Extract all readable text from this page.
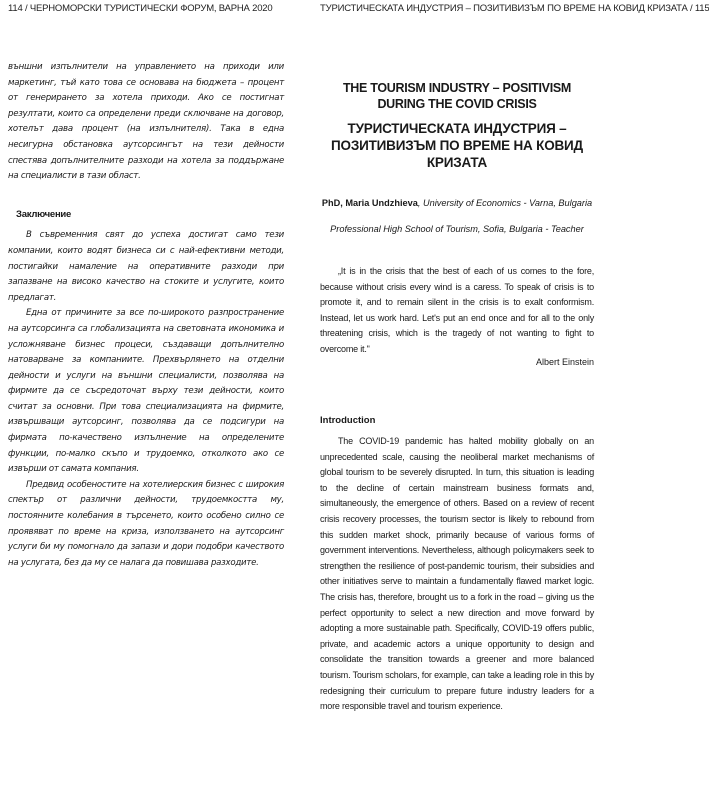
114 / ЧЕРНОМОРСКИ ТУРИСТИЧЕСКИ ФОРУМ, ВАРНА 2020

външни изпълнители на управлението на приходи или маркетинг, тъй като това се основава на бюджета – процент от генерирането за хотела приходи. Ако се постигнат резултати, които са определени преди сключване на договор, хотелът дава процент (на изпълнителя). Така в една несигурна обстановка аутсорсингът на тези дейности спестява допълнителните разходи на хотела за поддържане на специалисти в тази област.

Заключение

В съвременния свят до успеха достигат само тези компании, които водят бизнеса си с най-ефективни методи, постигайки намаление на оперативните разходи при запазване на високо качество на стоките и услугите, които предлагат.

Една от причините за все по-широкото разпространение на аутсорсинга са глобализацията на световната икономика и усложняване бизнес процеси, създаващи допълнително натоварване за компаниите. Прехвърлянето на отделни дейности и услуги на външни специалисти, позволява на фирмите да се съсредоточат върху тези дейности, които считат за основни. При това специализацията на фирмите, извършващи аутсорсинг, позволява да се подсигури на фирмата по-качествено изпълнение на определените функции, по-малко скъпо и трудоемко, отколкото ако се извърши от самата компания.

Предвид особеностите на хотелиерския бизнес с широкия спектър от различни дейности, трудоемкостта му, постоянните колебания в търсенето, които особено силно се проявяват по време на криза, използването на аутсорсинг услуги би му помогнало да запази и дори подобри качеството на услугата, без да му се налага да повишава разходите.

ТУРИСТИЧЕСКАТА ИНДУСТРИЯ – ПОЗИТИВИЗЪМ ПО ВРЕМЕ НА КОВИД КРИЗАТА / 115
THE TOURISM INDUSTRY – POSITIVISM DURING THE COVID CRISIS
ТУРИСТИЧЕСКАТА ИНДУСТРИЯ – ПОЗИТИВИЗЪМ ПО ВРЕМЕ НА КОВИД КРИЗАТА
PhD, Maria Undzhieva, University of Economics - Varna, Bulgaria
Professional High School of Tourism, Sofia, Bulgaria - Teacher

„It is in the crisis that the best of each of us comes to the fore, because without crisis every wind is a caress. To speak of crisis is to promote it, and to remain silent in the crisis is to exalt conformism. Instead, let us work hard. Let's put an end once and for all to the only threatening crisis, which is the tragedy of not wanting to fight to overcome it."

Albert Einstein

Introduction

The COVID-19 pandemic has halted mobility globally on an unprecedented scale, causing the neoliberal market mechanisms of global tourism to be severely disrupted. In turn, this situation is leading to the decline of certain mainstream business formats and, simultaneously, the emergence of others. Based on a review of recent crisis recovery processes, the tourism sector is likely to rebound from this sudden market shock, primarily because of various forms of government interventions. Nevertheless, although policymakers seek to strengthen the resilience of post-pandemic tourism, their subsidies and other initiatives serve to maintain a fundamentally flawed market logic. The crisis has, therefore, brought us to a fork in the road – giving us the perfect opportunity to select a new direction and move forward by adopting a more sustainable path. Specifically, COVID-19 offers public, private, and academic actors a unique opportunity to design and consolidate the transition towards a greener and more balanced tourism. Tourism scholars, for example, can take a leading role in this by redesigning their curriculum to prepare future industry leaders for a more responsible travel and tourism experience.
